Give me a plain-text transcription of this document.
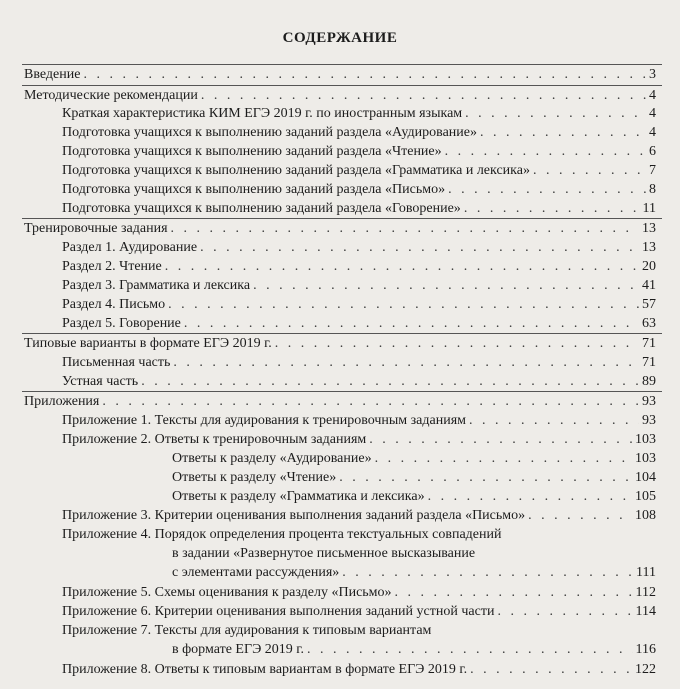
СОДЕРЖАНИЕ
Введение . . .	3
Методические рекомендации . . .	4
Краткая характеристика КИМ ЕГЭ 2019 г. по иностранным языкам . . .	4
Подготовка учащихся к выполнению заданий раздела «Аудирование» . . .	4
Подготовка учащихся к выполнению заданий раздела «Чтение» . . .	6
Подготовка учащихся к выполнению заданий раздела «Грамматика и лексика» . . .	7
Подготовка учащихся к выполнению заданий раздела «Письмо» . . .	8
Подготовка учащихся к выполнению заданий раздела «Говорение» . . .	11
Тренировочные задания . . .	13
Раздел 1. Аудирование . . .	13
Раздел 2. Чтение . . .	20
Раздел 3. Грамматика и лексика . . .	41
Раздел 4. Письмо . . .	57
Раздел 5. Говорение . . .	63
Типовые варианты в формате ЕГЭ 2019 г. . . .	71
Письменная часть . . .	71
Устная часть . . .	89
Приложения . . .	93
Приложение 1. Тексты для аудирования к тренировочным заданиям . . .	93
Приложение 2. Ответы к тренировочным заданиям . . .	103
Ответы к разделу «Аудирование» . . .	103
Ответы к разделу «Чтение» . . .	104
Ответы к разделу «Грамматика и лексика» . . .	105
Приложение 3. Критерии оценивания выполнения заданий раздела «Письмо» . . .	108
Приложение 4. Порядок определения процента текстуальных совпадений
в задании «Развернутое письменное высказывание
с элементами рассуждения» . . .	111
Приложение 5. Схемы оценивания к разделу «Письмо» . . .	112
Приложение 6. Критерии оценивания выполнения заданий устной части . . .	114
Приложение 7. Тексты для аудирования к типовым вариантам
в формате ЕГЭ 2019 г. . . .	116
Приложение 8. Ответы к типовым вариантам в формате ЕГЭ 2019 г. . . .	122
